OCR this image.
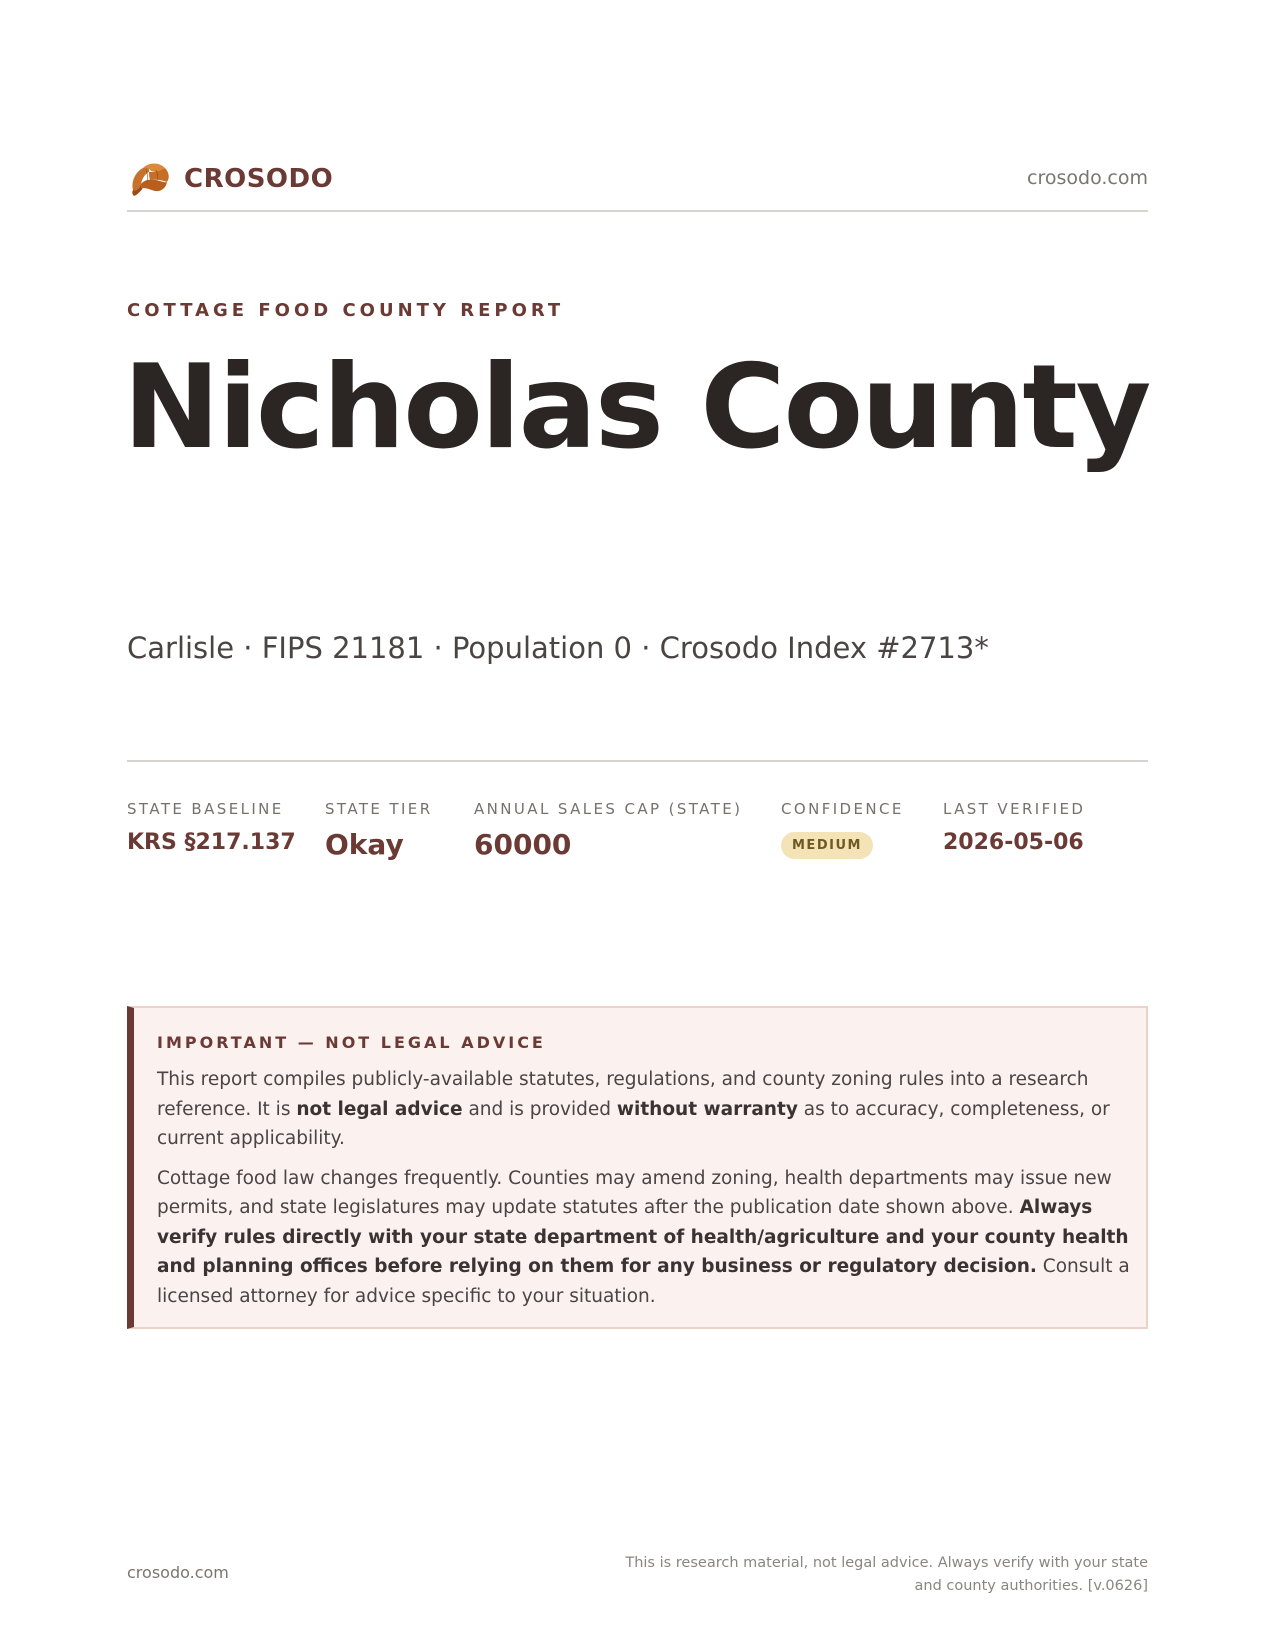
CROSODO	crosodo.com
COTTAGE FOOD COUNTY REPORT
Nicholas County
Carlisle · FIPS 21181 · Population 0 · Crosodo Index #2713*
STATE BASELINE
KRS §217.137
STATE TIER
Okay
ANNUAL SALES CAP (STATE)
60000
CONFIDENCE
MEDIUM
LAST VERIFIED
2026-05-06
IMPORTANT — NOT LEGAL ADVICE

This report compiles publicly-available statutes, regulations, and county zoning rules into a research reference. It is not legal advice and is provided without warranty as to accuracy, completeness, or current applicability.

Cottage food law changes frequently. Counties may amend zoning, health departments may issue new permits, and state legislatures may update statutes after the publication date shown above. Always verify rules directly with your state department of health/agriculture and your county health and planning offices before relying on them for any business or regulatory decision. Consult a licensed attorney for advice specific to your situation.

crosodo.com	This is research material, not legal advice. Always verify with your state
and county authorities. [v.0626]
